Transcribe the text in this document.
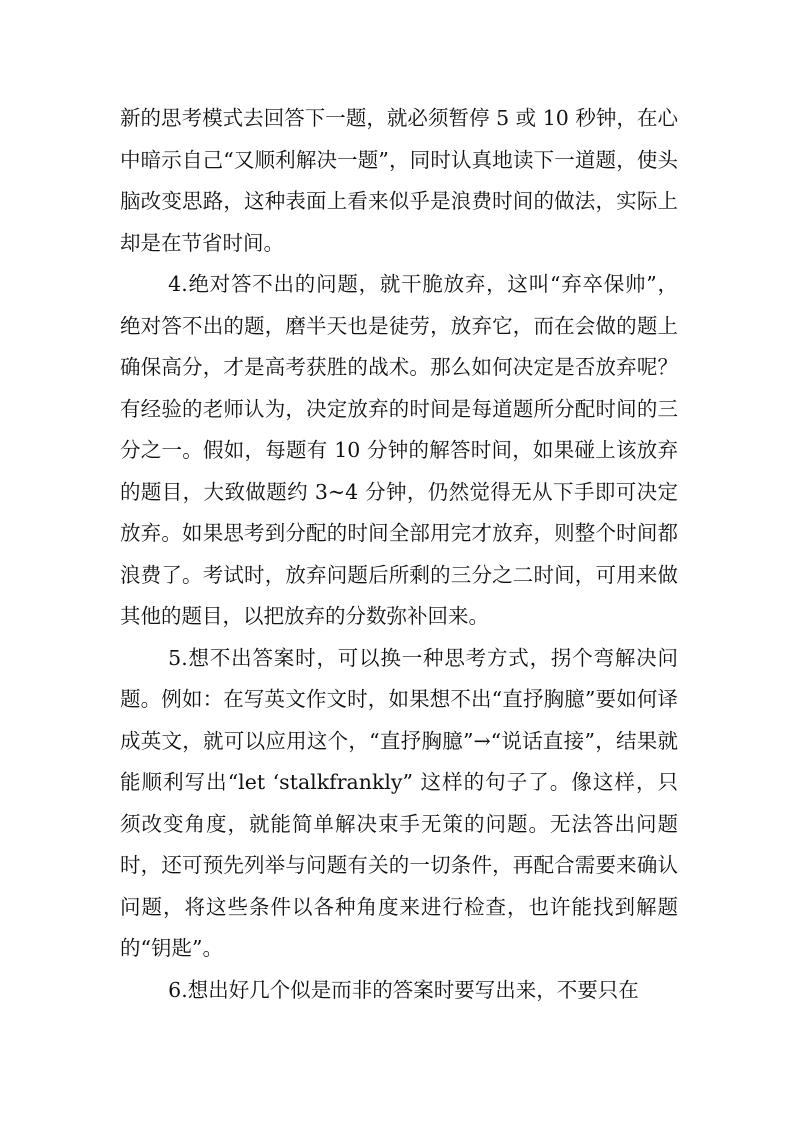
新的思考模式去回答下一题，就必须暂停 5 或 10 秒钟，在心中暗示自己“又顺利解决一题”，同时认真地读下一道题，使头脑改变思路，这种表面上看来似乎是浪费时间的做法，实际上却是在节省时间。

4.绝对答不出的问题，就干脆放弃，这叫“弃卒保帅”，绝对答不出的题，磨半天也是徒劳，放弃它，而在会做的题上确保高分，才是高考获胜的战术。那么如何决定是否放弃呢？有经验的老师认为，决定放弃的时间是每道题所分配时间的三分之一。假如，每题有 10 分钟的解答时间，如果碰上该放弃的题目，大致做题约 3~4 分钟，仍然觉得无从下手即可决定放弃。如果思考到分配的时间全部用完才放弃，则整个时间都浪费了。考试时，放弃问题后所剩的三分之二时间，可用来做其他的题目，以把放弃的分数弥补回来。

5.想不出答案时，可以换一种思考方式，拐个弯解决问题。例如：在写英文作文时，如果想不出“直抒胸臆”要如何译成英文，就可以应用这个，“直抒胸臆”→“说话直接”，结果就能顺利写出“let ‘stalkfrankly” 这样的句子了。像这样，只须改变角度，就能简单解决束手无策的问题。无法答出问题时，还可预先列举与问题有关的一切条件，再配合需要来确认问题，将这些条件以各种角度来进行检查，也许能找到解题的“钥匙”。

6.想出好几个似是而非的答案时要写出来，不要只在
